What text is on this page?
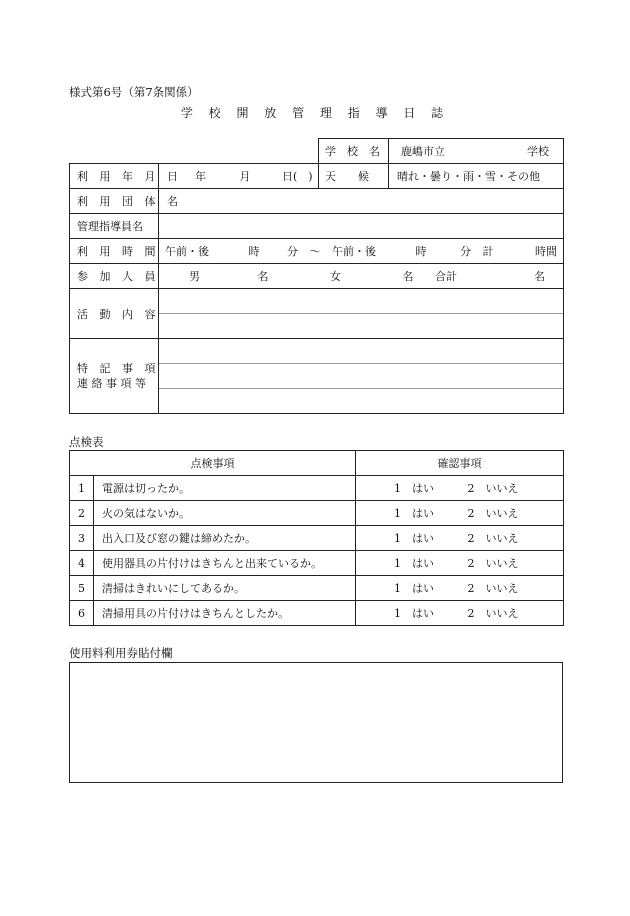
様式第6号（第7条関係）
学 校 開 放 管 理 指 導 日 誌
学　校　名	鹿嶋市立	学校
利 用 年 月 日	年 月 日(　)	天　　候	晴れ・曇り・雨・雪・その他
利 用 団 体 名			
管理指導員名			
利 用 時 間	午前・後 時 分 ～ 午前・後 時 分 計 時間		

参 加 人 員	男 名 女 名 合計 名		

活 動 内 容			

特 記 事 項
連 絡 事 項 等			

点検表
点検事項		確認事項
1	電源は切ったか。	1　はい 2　いいえ
2	火の気はないか。	1　はい 2　いいえ
3	出入口及び窓の鍵は締めたか。	1　はい 2　いいえ
4	使用器具の片付けはきちんと出来ているか。	1　はい 2　いいえ
5	清掃はきれいにしてあるか。	1　はい 2　いいえ
6	清掃用具の片付けはきちんとしたか。	1　はい 2　いいえ
使用料利用券貼付欄
